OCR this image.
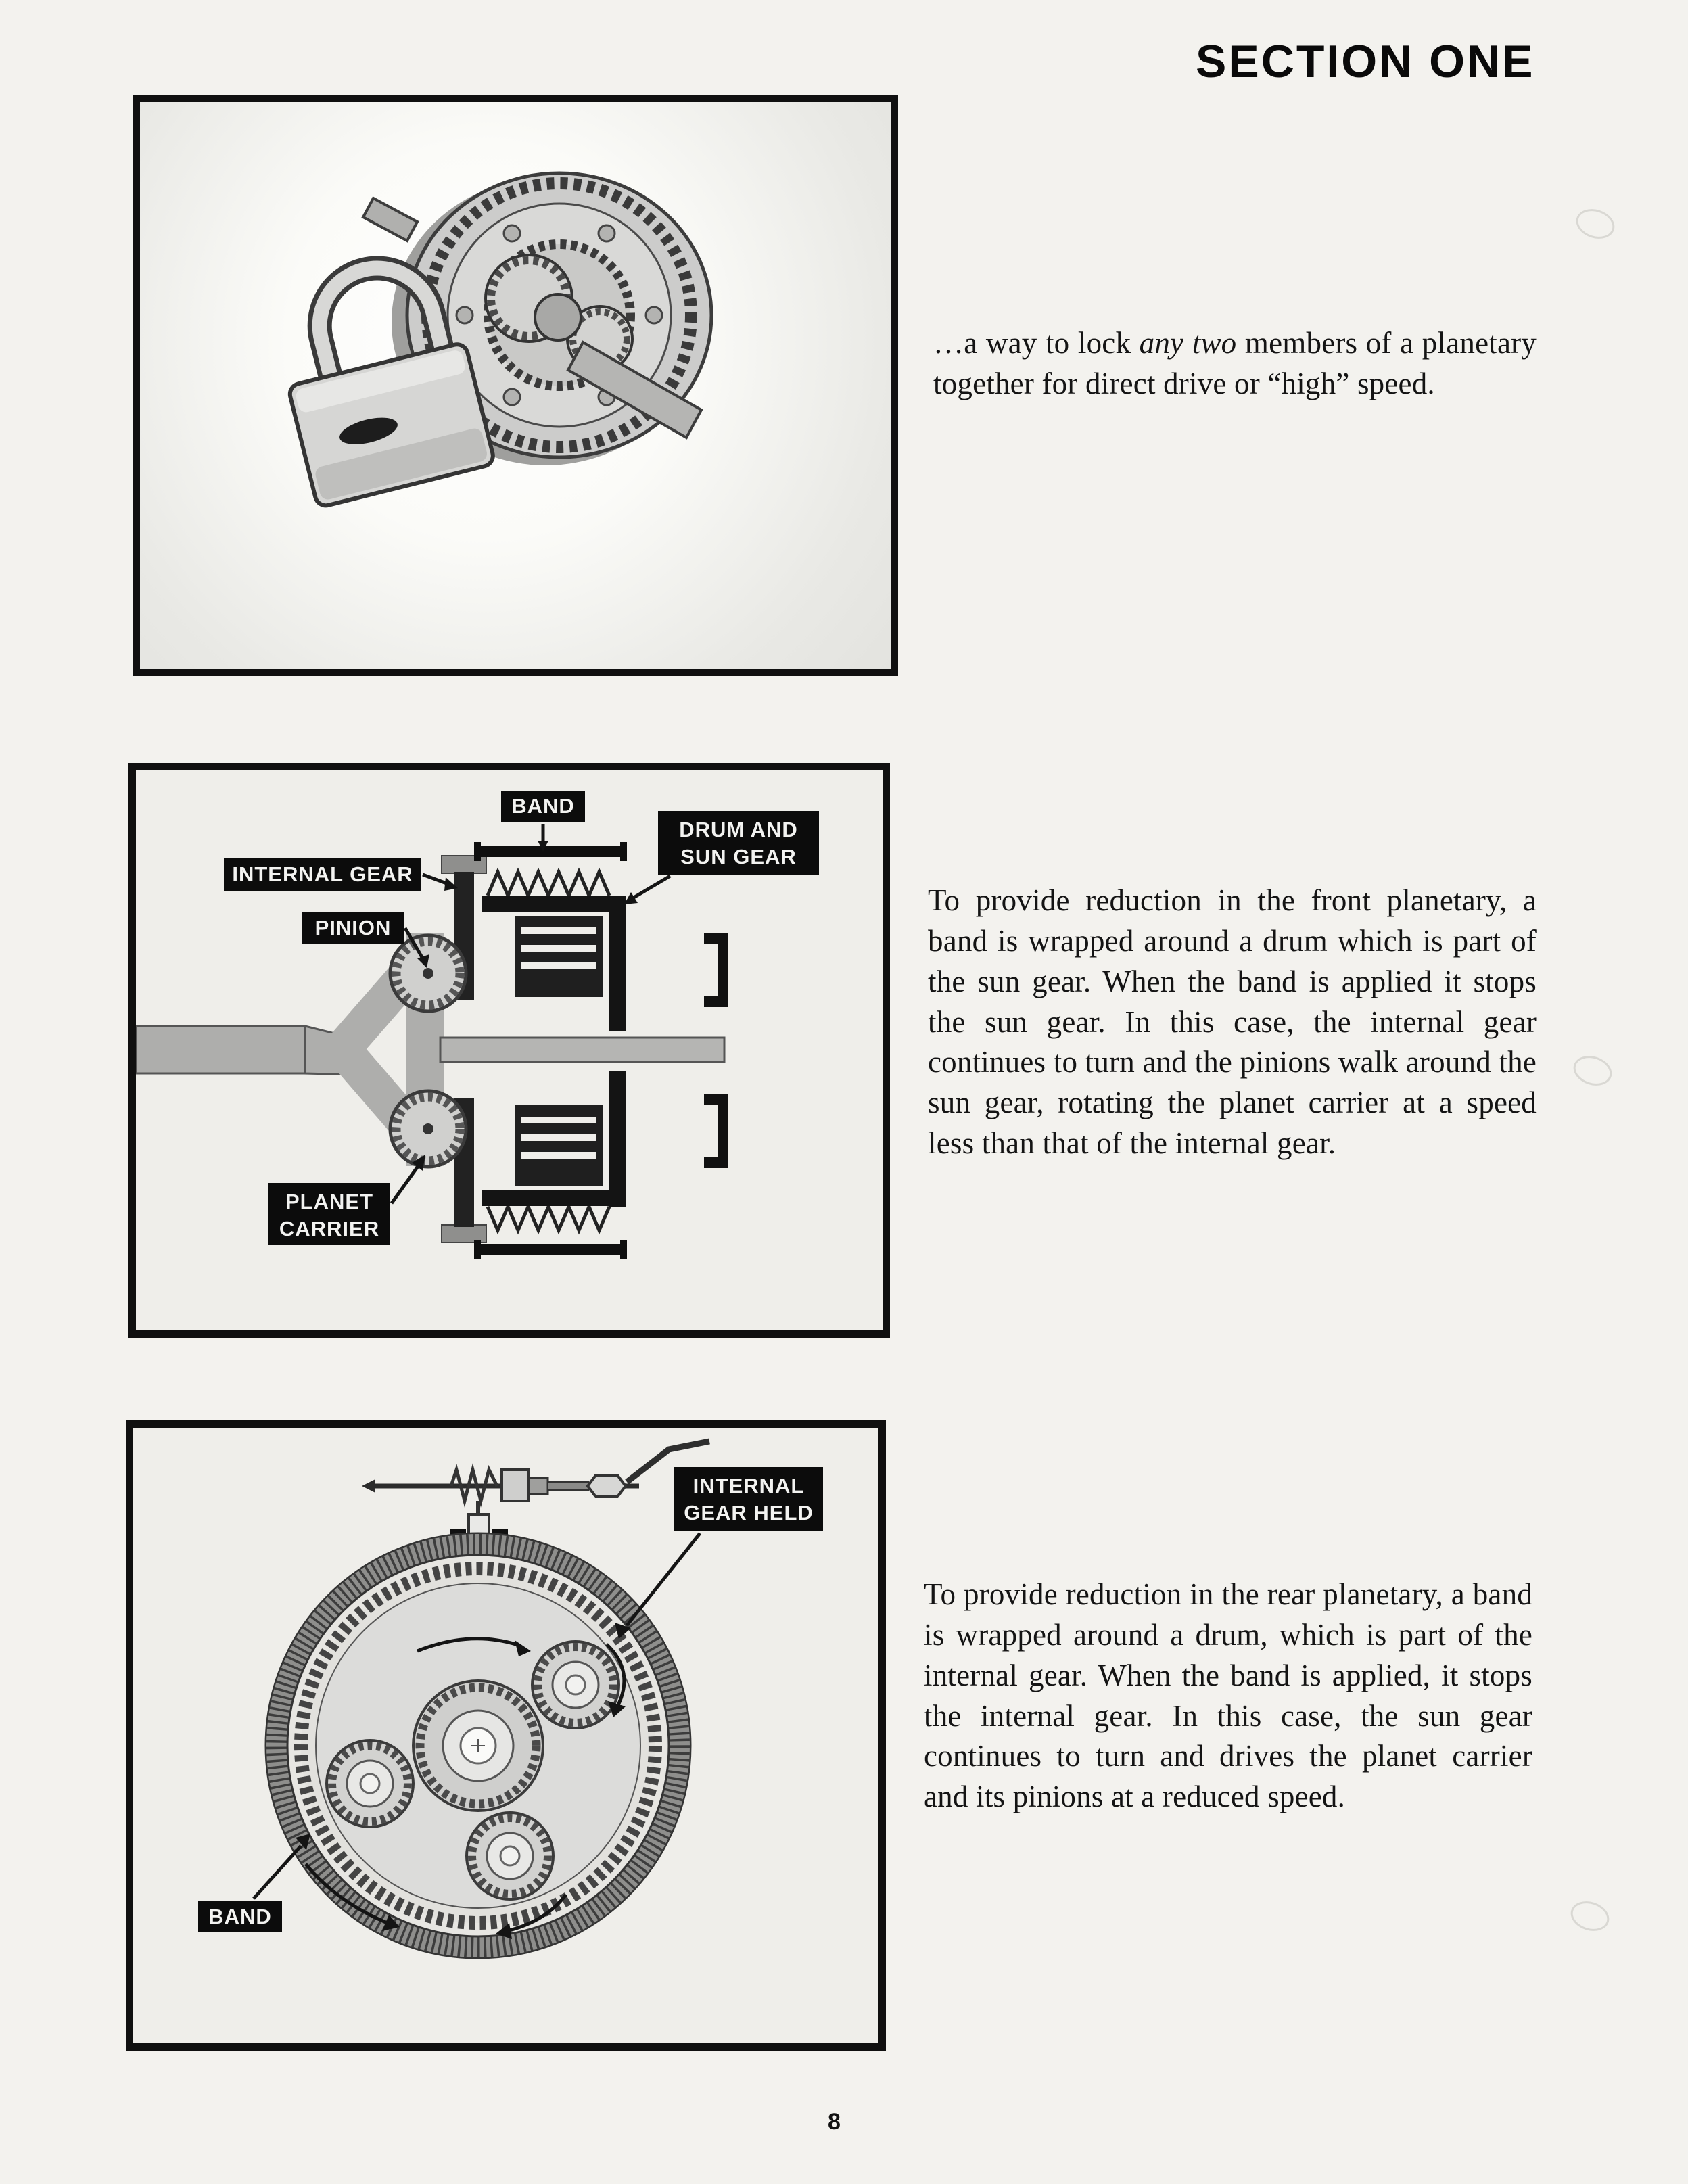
SECTION ONE

…a way to lock any two members of a planetary together for direct drive or “high” speed.

BAND
DRUM AND
SUN GEAR
INTERNAL GEAR
PINION
PLANET
CARRIER

To provide reduction in the front planetary, a band is wrapped around a drum which is part of the sun gear. When the band is applied it stops the sun gear. In this case, the internal gear continues to turn and the pinions walk around the sun gear, rotating the planet carrier at a speed less than that of the internal gear.

INTERNAL
GEAR HELD
BAND

To provide reduction in the rear planetary, a band is wrapped around a drum, which is part of the internal gear. When the band is applied, it stops the internal gear. In this case, the sun gear continues to turn and drives the planet carrier and its pinions at a reduced speed.

8
